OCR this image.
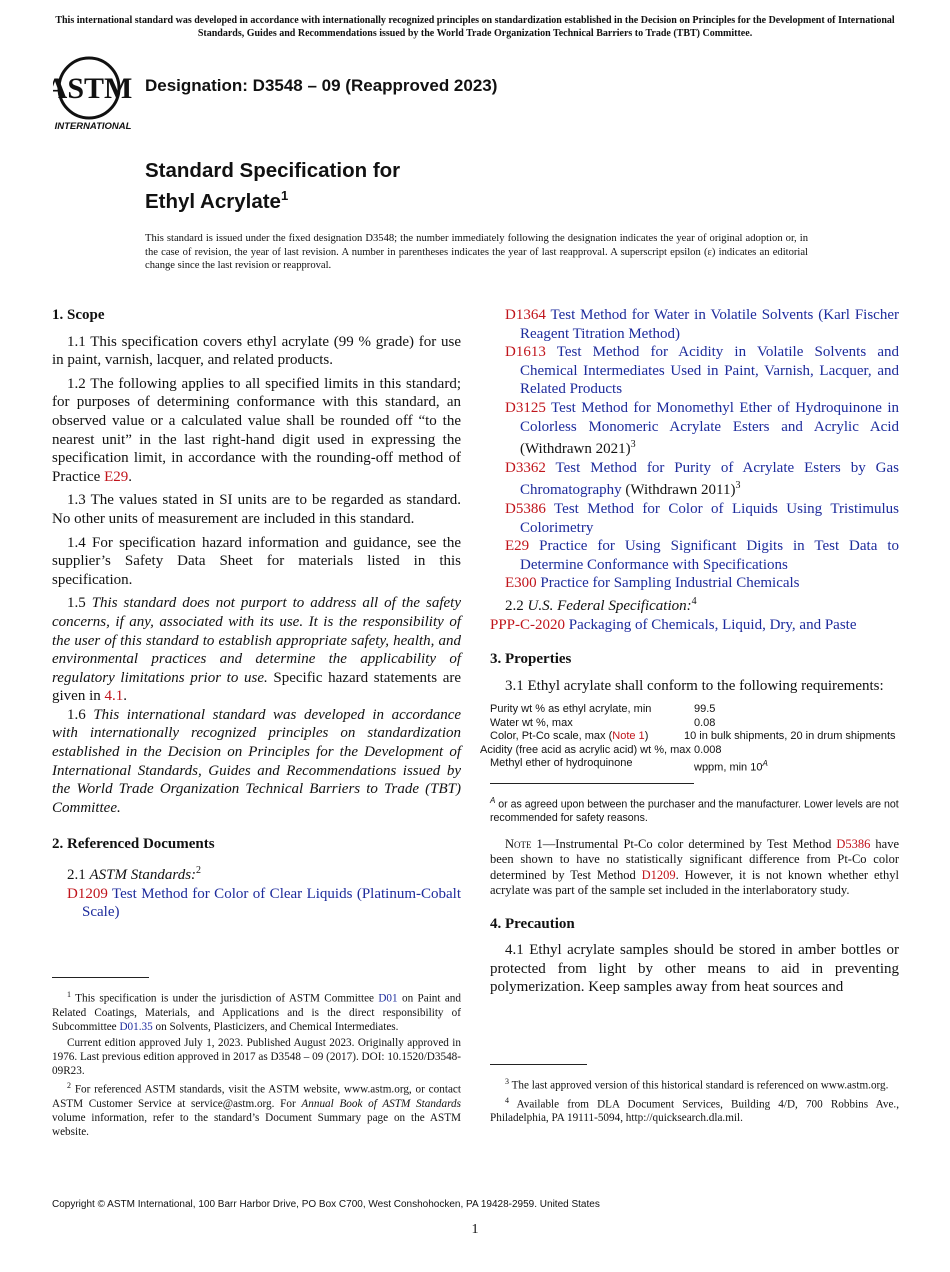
This international standard was developed in accordance with internationally recognized principles on standardization established in the Decision on Principles for the Development of International Standards, Guides and Recommendations issued by the World Trade Organization Technical Barriers to Trade (TBT) Committee.
ASTM
INTERNATIONAL
Designation: D3548 – 09 (Reapproved 2023)
Standard Specification for
Ethyl Acrylate$^1$
This standard is issued under the fixed designation D3548; the number immediately following the designation indicates the year of original adoption or, in the case of revision, the year of last revision. A number in parentheses indicates the year of last reapproval. A superscript epsilon (ε) indicates an editorial change since the last revision or reapproval.
1. Scope

1.1 This specification covers ethyl acrylate (99 % grade) for use in paint, varnish, lacquer, and related products.

1.2 The following applies to all specified limits in this standard; for purposes of determining conformance with this standard, an observed value or a calculated value shall be rounded off “to the nearest unit” in the last right-hand digit used in expressing the specification limit, in accordance with the rounding-off method of Practice E29.

1.3 The values stated in SI units are to be regarded as standard. No other units of measurement are included in this standard.

1.4 For specification hazard information and guidance, see the supplier’s Safety Data Sheet for materials listed in this specification.

1.5 This standard does not purport to address all of the safety concerns, if any, associated with its use. It is the responsibility of the user of this standard to establish appropriate safety, health, and environmental practices and determine the applicability of regulatory limitations prior to use. Specific hazard statements are given in 4.1.

1.6 This international standard was developed in accordance with internationally recognized principles on standardization established in the Decision on Principles for the Development of International Standards, Guides and Recommendations issued by the World Trade Organization Technical Barriers to Trade (TBT) Committee.

2. Referenced Documents

2.1 ASTM Standards:$^2$

D1209 Test Method for Color of Clear Liquids (Platinum-Cobalt Scale)

$^1$ This specification is under the jurisdiction of ASTM Committee D01 on Paint and Related Coatings, Materials, and Applications and is the direct responsibility of Subcommittee D01.35 on Solvents, Plasticizers, and Chemical Intermediates.

Current edition approved July 1, 2023. Published August 2023. Originally approved in 1976. Last previous edition approved in 2017 as D3548 – 09 (2017). DOI: 10.1520/D3548-09R23.

$^2$ For referenced ASTM standards, visit the ASTM website, www.astm.org, or contact ASTM Customer Service at service@astm.org. For Annual Book of ASTM Standards volume information, refer to the standard’s Document Summary page on the ASTM website.

D1364 Test Method for Water in Volatile Solvents (Karl Fischer Reagent Titration Method)

D1613 Test Method for Acidity in Volatile Solvents and Chemical Intermediates Used in Paint, Varnish, Lacquer, and Related Products

D3125 Test Method for Monomethyl Ether of Hydroquinone in Colorless Monomeric Acrylate Esters and Acrylic Acid (Withdrawn 2021)$^3$

D3362 Test Method for Purity of Acrylate Esters by Gas Chromatography (Withdrawn 2011)$^3$

D5386 Test Method for Color of Liquids Using Tristimulus Colorimetry

E29 Practice for Using Significant Digits in Test Data to Determine Conformance with Specifications

E300 Practice for Sampling Industrial Chemicals

2.2 U.S. Federal Specification:$^4$

PPP-C-2020 Packaging of Chemicals, Liquid, Dry, and Paste

3. Properties

3.1 Ethyl acrylate shall conform to the following requirements:

Purity wt % as ethyl acrylate, min	99.5
Water wt %, max	0.08
Color, Pt-Co scale, max (Note 1)	10 in bulk shipments, 20 in drum shipments
Acidity (free acid as acrylic acid) wt %, max	0.008
Methyl ether of hydroquinone	wppm, $\min 10^A$

$^A$ or as agreed upon between the purchaser and the manufacturer. Lower levels are not recommended for safety reasons.

Note 1—Instrumental Pt-Co color determined by Test Method D5386 have been shown to have no statistically significant difference from Pt-Co color determined by Test Method D1209. However, it is not known whether ethyl acrylate was part of the sample set included in the interlaboratory study.

4. Precaution

4.1 Ethyl acrylate samples should be stored in amber bottles or protected from light by other means to aid in preventing polymerization. Keep samples away from heat sources and

$^3$ The last approved version of this historical standard is referenced on www.astm.org.

$^4$ Available from DLA Document Services, Building 4/D, 700 Robbins Ave., Philadelphia, PA 19111-5094, http://quicksearch.dla.mil.

Copyright © ASTM International, 100 Barr Harbor Drive, PO Box C700, West Conshohocken, PA 19428-2959. United States
1
